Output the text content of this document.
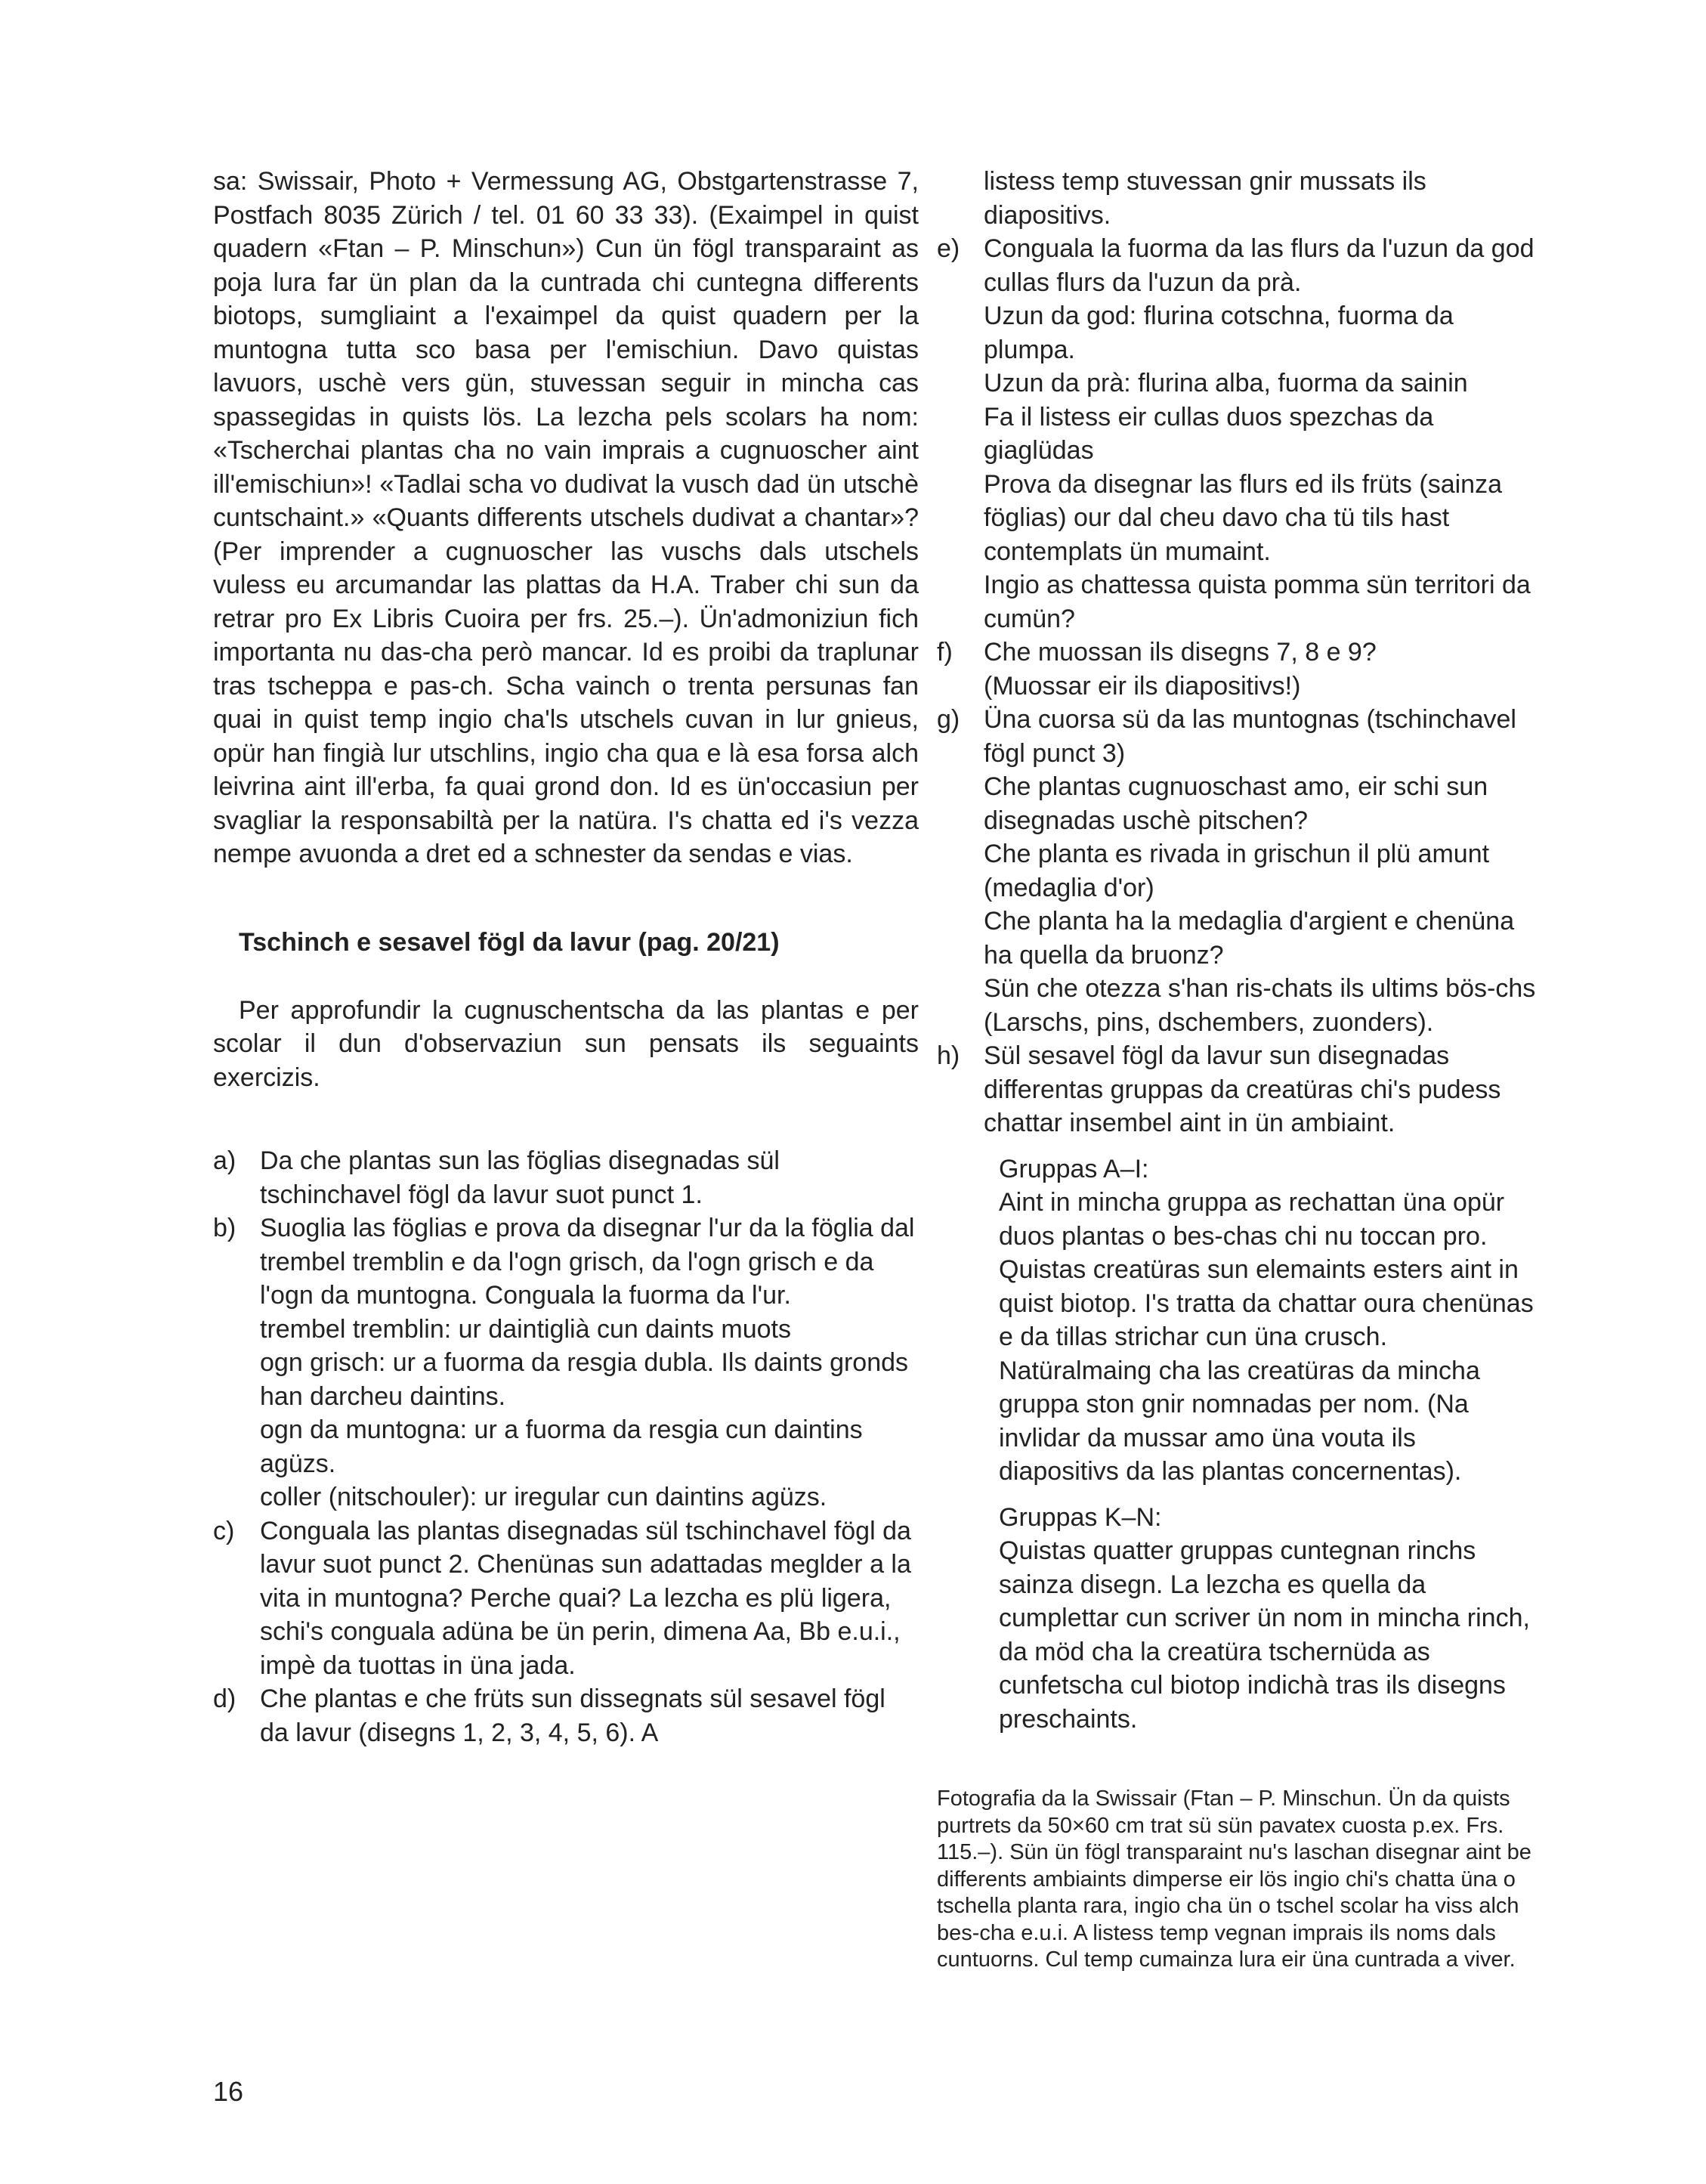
sa: Swissair, Photo + Vermessung AG, Obstgartenstrasse 7, Postfach 8035 Zürich / tel. 01 60 33 33). (Exaimpel in quist quadern «Ftan – P. Minschun») Cun ün fögl transparaint as poja lura far ün plan da la cuntrada chi cuntegna differents biotops, sumgliaint a l'exaimpel da quist quadern per la muntogna tutta sco basa per l'emischiun. Davo quistas lavuors, uschè vers gün, stuvessan seguir in mincha cas spassegidas in quists lös. La lezcha pels scolars ha nom: «Tscherchai plantas cha no vain imprais a cugnuoscher aint ill'emischiun»! «Tadlai scha vo dudivat la vusch dad ün utschè cuntschaint.» «Quants differents utschels dudivat a chantar»? (Per imprender a cugnuoscher las vuschs dals utschels vuless eu arcumandar las plattas da H.A. Traber chi sun da retrar pro Ex Libris Cuoira per frs. 25.–). Ün'admoniziun fich importanta nu das-cha però mancar. Id es proibi da traplunar tras tscheppa e pas-ch. Scha vainch o trenta persunas fan quai in quist temp ingio cha'ls utschels cuvan in lur gnieus, opür han fingià lur utschlins, ingio cha qua e là esa forsa alch leivrina aint ill'erba, fa quai grond don. Id es ün'occasiun per svagliar la responsabiltà per la natüra. I's chatta ed i's vezza nempe avuonda a dret ed a schnester da sendas e vias.

Tschinch e sesavel fögl da lavur (pag. 20/21)

Per approfundir la cugnuschentscha da las plantas e per scolar il dun d'observaziun sun pensats ils seguaints exercizis.

a) Da che plantas sun las föglias disegnadas sül tschinchavel fögl da lavur suot punct 1.
b) Suoglia las föglias e prova da disegnar l'ur da la föglia dal trembel tremblin e da l'ogn grisch, da l'ogn grisch e da l'ogn da muntogna. Conguala la fuorma da l'ur.
trembel tremblin: ur daintiglià cun daints muots
ogn grisch: ur a fuorma da resgia dubla. Ils daints gronds han darcheu daintins.
ogn da muntogna: ur a fuorma da resgia cun daintins agüzs.
coller (nitschouler): ur iregular cun daintins agüzs.
c) Conguala las plantas disegnadas sül tschinchavel fögl da lavur suot punct 2. Chenünas sun adattadas meglder a la vita in muntogna? Perche quai? La lezcha es plü ligera, schi's conguala adüna be ün perin, dimena Aa, Bb e.u.i., impè da tuottas in üna jada.
d) Che plantas e che früts sun dissegnats sül sesavel fögl da lavur (disegns 1, 2, 3, 4, 5, 6). A
listess temp stuvessan gnir mussats ils diapositivs.
e) Conguala la fuorma da las flurs da l'uzun da god cullas flurs da l'uzun da prà.
Uzun da god: flurina cotschna, fuorma da plumpa.
Uzun da prà: flurina alba, fuorma da sainin
Fa il listess eir cullas duos spezchas da giaglüdas
Prova da disegnar las flurs ed ils früts (sainza föglias) our dal cheu davo cha tü tils hast contemplats ün mumaint.
Ingio as chattessa quista pomma sün territori da cumün?
f) Che muossan ils disegns 7, 8 e 9?
(Muossar eir ils diapositivs!)
g) Üna cuorsa sü da las muntognas (tschinchavel fögl punct 3)
Che plantas cugnuoschast amo, eir schi sun disegnadas uschè pitschen?
Che planta es rivada in grischun il plü amunt (medaglia d'or)
Che planta ha la medaglia d'argient e chenüna ha quella da bruonz?
Sün che otezza s'han ris-chats ils ultims bös-chs (Larschs, pins, dschembers, zuonders).
h) Sül sesavel fögl da lavur sun disegnadas differentas gruppas da creatüras chi's pudess chattar insembel aint in ün ambiaint.
Gruppas A–I:
Aint in mincha gruppa as rechattan üna opür duos plantas o bes-chas chi nu toccan pro. Quistas creatüras sun elemaints esters aint in quist biotop. I's tratta da chattar oura chenünas e da tillas strichar cun üna crusch. Natüralmaing cha las creatüras da mincha gruppa ston gnir nomnadas per nom. (Na invlidar da mussar amo üna vouta ils diapositivs da las plantas concernentas).
Gruppas K–N:
Quistas quatter gruppas cuntegnan rinchs sainza disegn. La lezcha es quella da cumplettar cun scriver ün nom in mincha rinch, da möd cha la creatüra tschernüda as cunfetscha cul biotop indichà tras ils disegns preschaints.

Fotografia da la Swissair (Ftan – P. Minschun. Ün da quists purtrets da 50×60 cm trat sü sün pavatex cuosta p.ex. Frs. 115.–). Sün ün fögl transparaint nu's laschan disegnar aint be differents ambiaints dimperse eir lös ingio chi's chatta üna o tschella planta rara, ingio cha ün o tschel scolar ha viss alch bes-cha e.u.i. A listess temp vegnan imprais ils noms dals cuntuorns. Cul temp cumainza lura eir üna cuntrada a viver.

16
